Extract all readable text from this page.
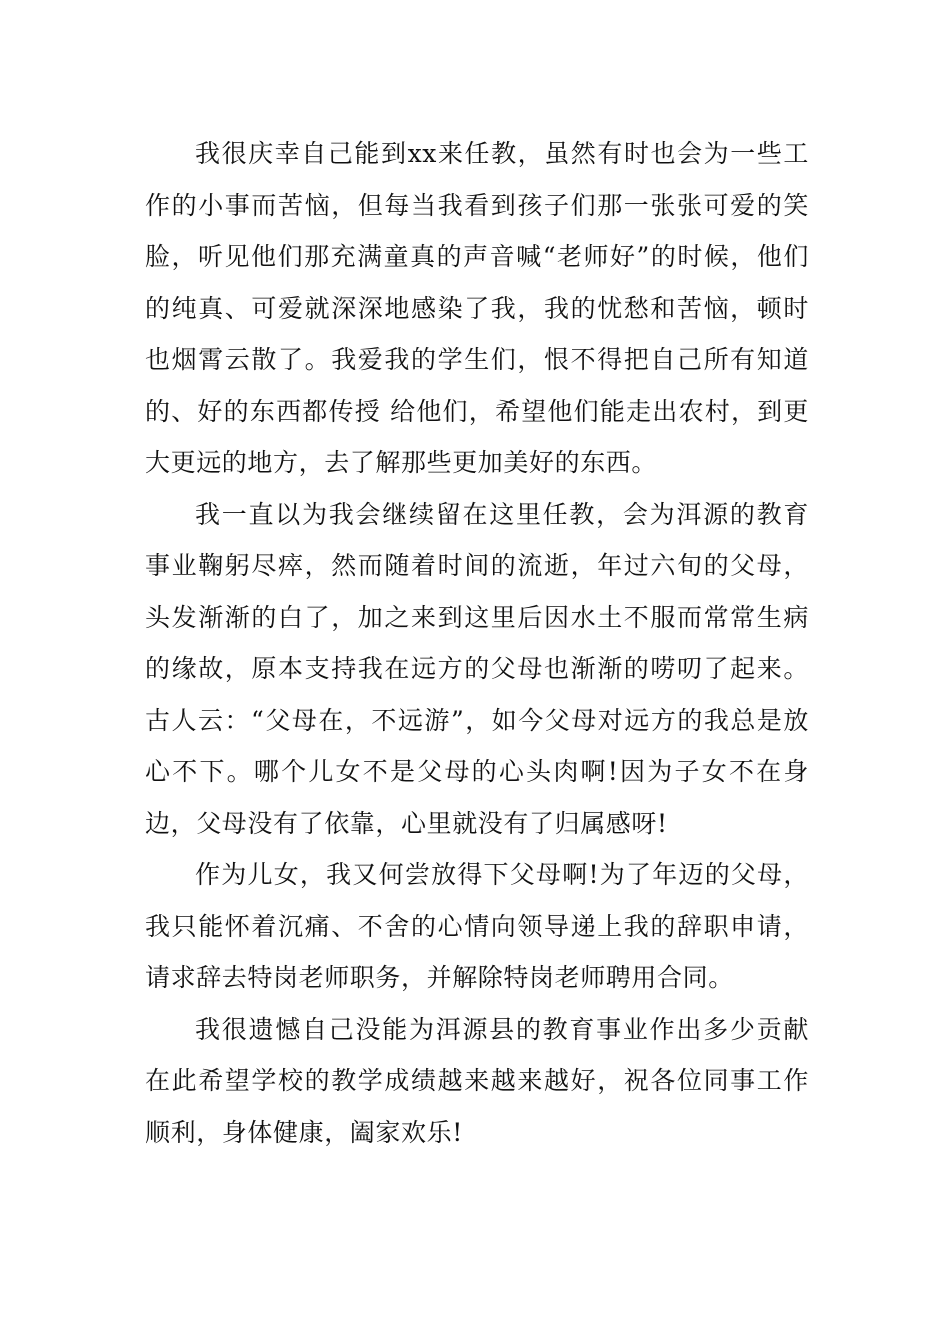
我很庆幸自己能到xx来任教，虽然有时也会为一些工作的小事而苦恼，但每当我看到孩子们那一张张可爱的笑脸，听见他们那充满童真的声音喊“老师好”的时候，他们的纯真、可爱就深深地感染了我，我的忧愁和苦恼，顿时也烟霄云散了。我爱我的学生们，恨不得把自己所有知道的、好的东西都传授 给他们，希望他们能走出农村，到更大更远的地方，去了解那些更加美好的东西。

我一直以为我会继续留在这里任教，会为洱源的教育事业鞠躬尽瘁，然而随着时间的流逝，年过六旬的父母，头发渐渐的白了，加之来到这里后因水土不服而常常生病的缘故，原本支持我在远方的父母也渐渐的唠叨了起来。古人云：“父母在，不远游”，如今父母对远方的我总是放心不下。哪个儿女不是父母的心头肉啊!因为子女不在身边，父母没有了依靠，心里就没有了归属感呀!

作为儿女，我又何尝放得下父母啊!为了年迈的父母，我只能怀着沉痛、不舍的心情向领导递上我的辞职申请，请求辞去特岗老师职务，并解除特岗老师聘用合同。

我很遗憾自己没能为洱源县的教育事业作出多少贡献在此希望学校的教学成绩越来越来越好，祝各位同事工作顺利，身体健康，阖家欢乐!
